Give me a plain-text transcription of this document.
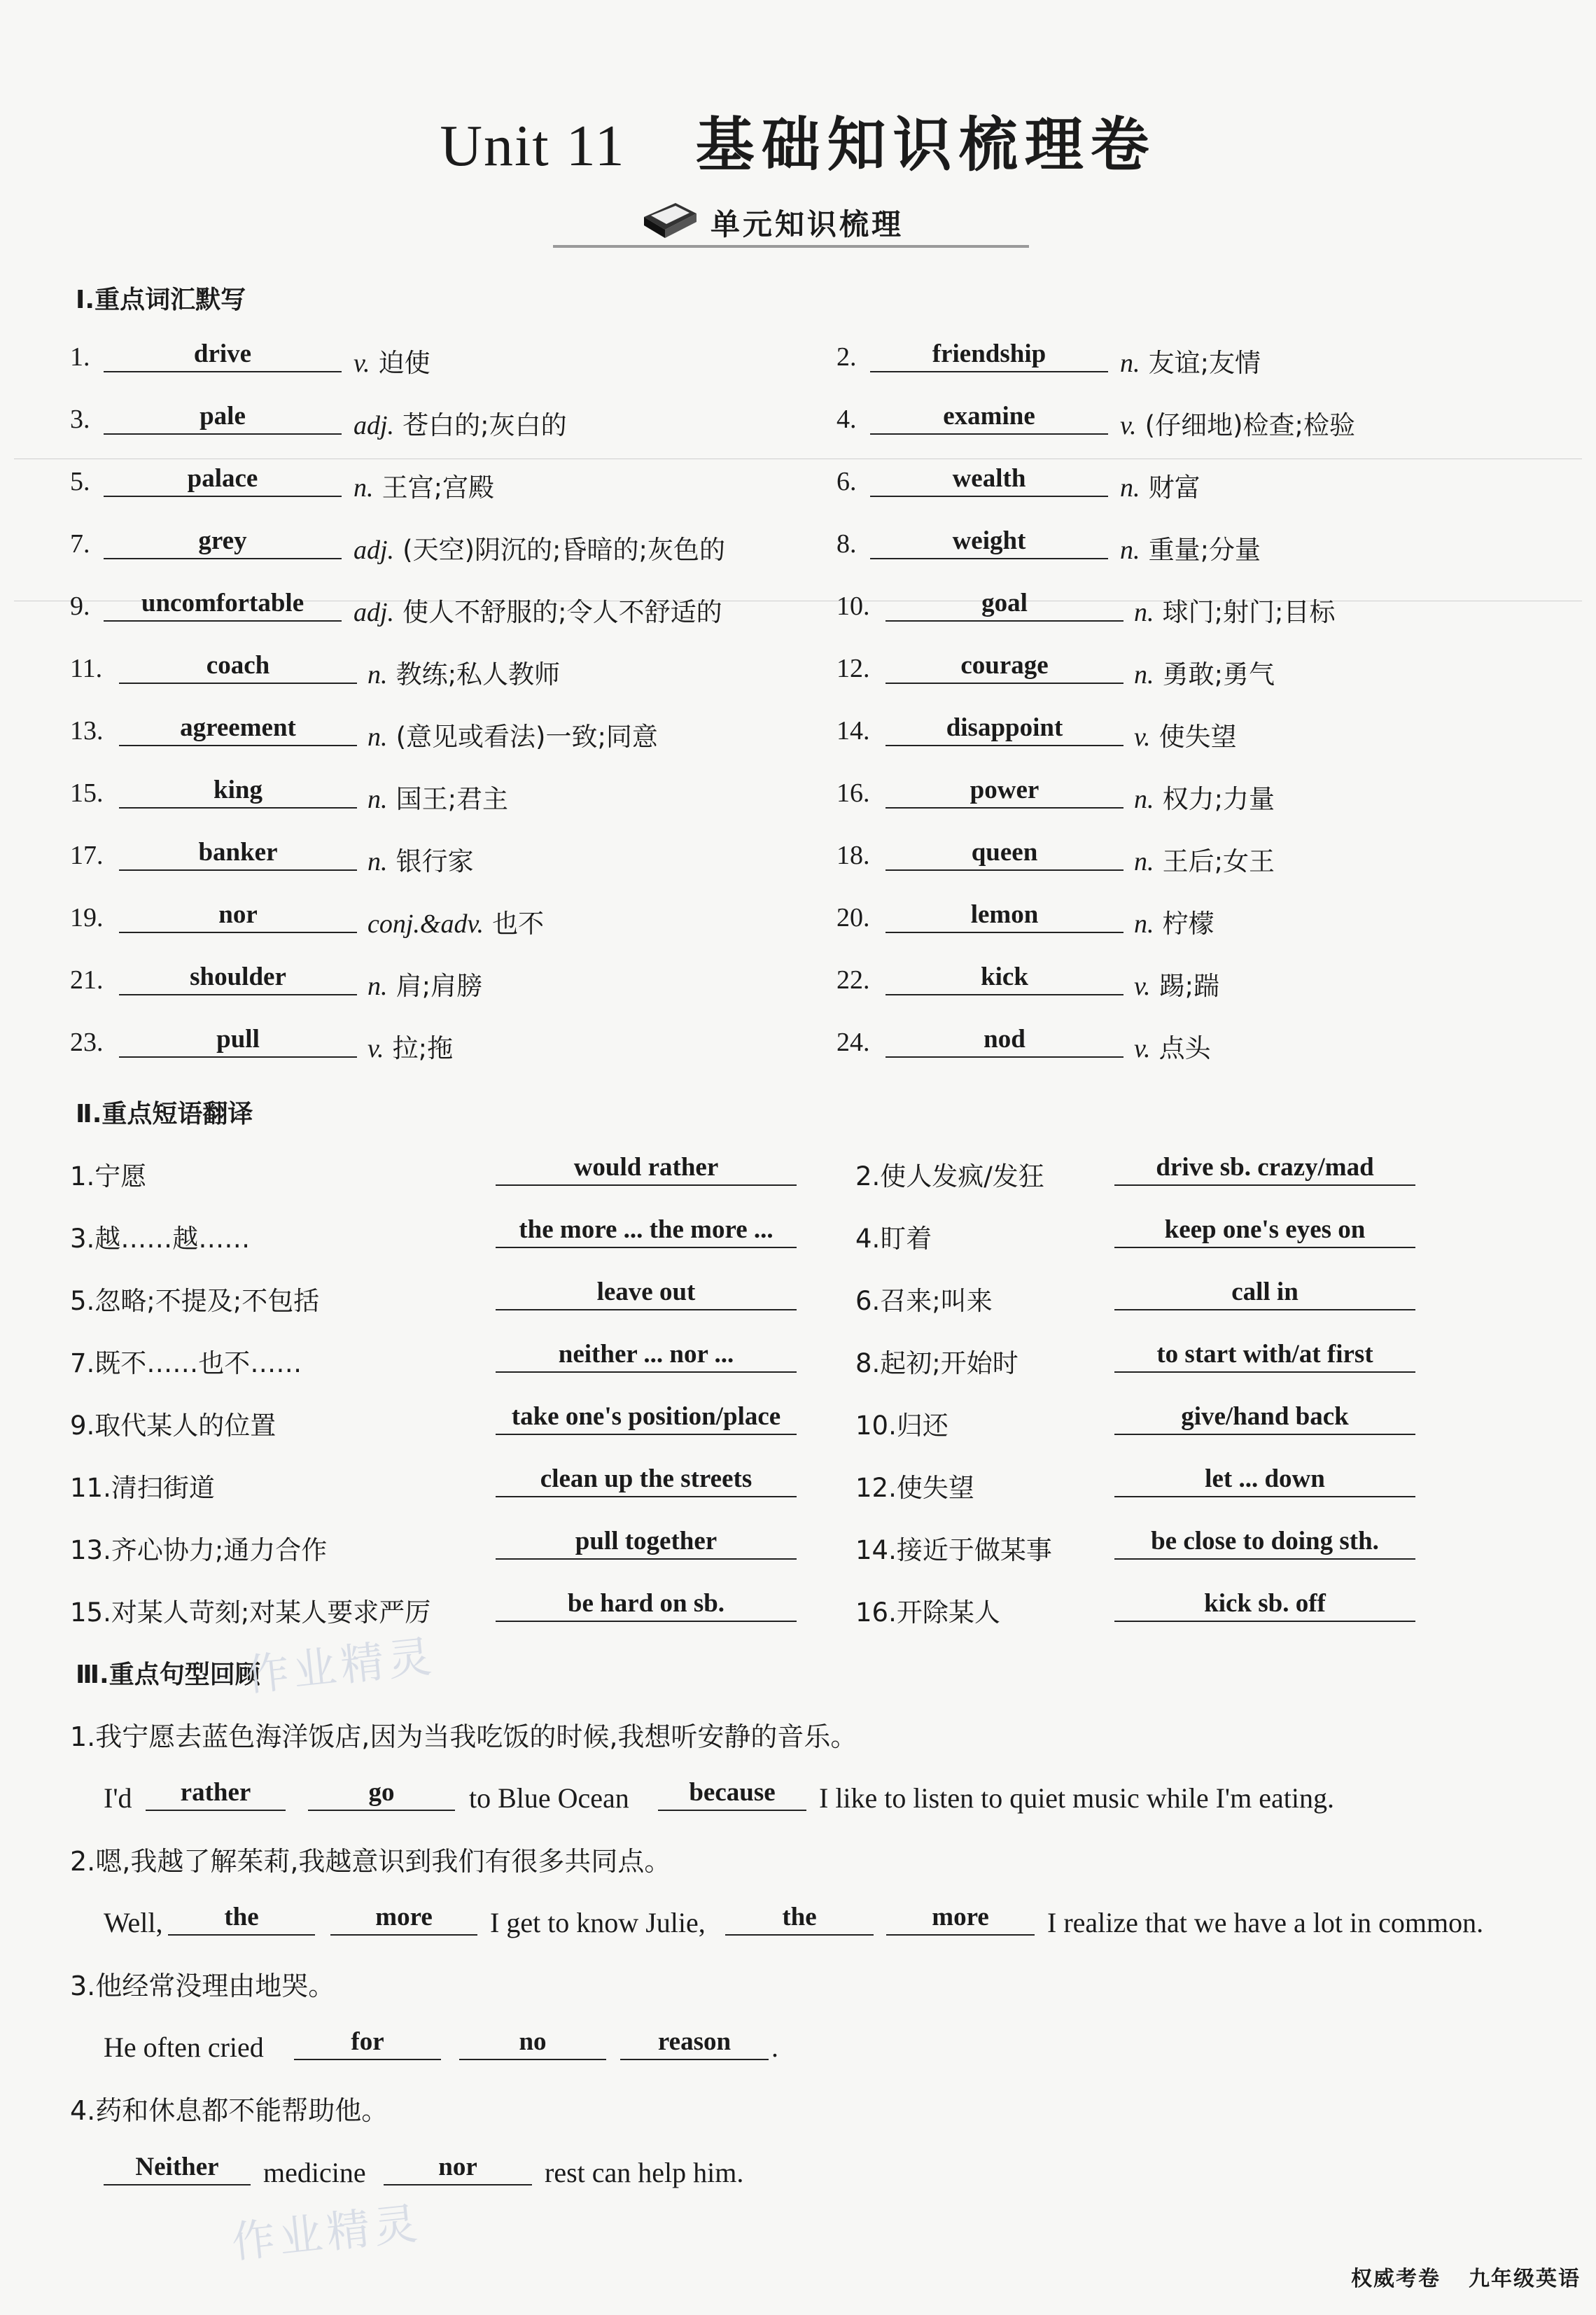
Unit 11 基础知识梳理卷
单元知识梳理
Ⅰ.重点词汇默写
1.	drive	v. 迫使	2.	friendship	n. 友谊;友情
3.	pale	adj. 苍白的;灰白的	4.	examine	v. (仔细地)检查;检验
5.	palace	n. 王宫;宫殿	6.	wealth	n. 财富
7.	grey	adj. (天空)阴沉的;昏暗的;灰色的	8.	weight	n. 重量;分量
9.	uncomfortable	adj. 使人不舒服的;令人不舒适的	10.	goal	n. 球门;射门;目标
11.	coach	n. 教练;私人教师	12.	courage	n. 勇敢;勇气
13.	agreement	n. (意见或看法)一致;同意	14.	disappoint	v. 使失望
15.	king	n. 国王;君主	16.	power	n. 权力;力量
17.	banker	n. 银行家	18.	queen	n. 王后;女王
19.	nor	conj.&adv. 也不	20.	lemon	n. 柠檬
21.	shoulder	n. 肩;肩膀	22.	kick	v. 踢;踹
23.	pull	v. 拉;拖	24.	nod	v. 点头
Ⅱ.重点短语翻译
1.宁愿	would rather	2.使人发疯/发狂	drive sb. crazy/mad
3.越……越……	the more ... the more ...	4.盯着	keep one's eyes on
5.忽略;不提及;不包括	leave out	6.召来;叫来	call in
7.既不……也不……	neither ... nor ...	8.起初;开始时	to start with/at first
9.取代某人的位置	take one's position/place	10.归还	give/hand back
11.清扫街道	clean up the streets	12.使失望	let ... down
13.齐心协力;通力合作	pull together	14.接近于做某事	be close to doing sth.
15.对某人苛刻;对某人要求严厉	be hard on sb.	16.开除某人	kick sb. off
Ⅲ.重点句型回顾
1.我宁愿去蓝色海洋饭店,因为当我吃饭的时候,我想听安静的音乐。
I'd	rather	go	to Blue Ocean	because	I like to listen to quiet music while I'm eating.
2.嗯,我越了解茱莉,我越意识到我们有很多共同点。
Well,	the	more	I get to know Julie,	the	more	I realize that we have a lot in common.
3.他经常没理由地哭。
He often cried	for	no	reason	.
4.药和休息都不能帮助他。
Neither	medicine	nor	rest can help him.
作业精灵
作业精灵
权威考卷 九年级英语
